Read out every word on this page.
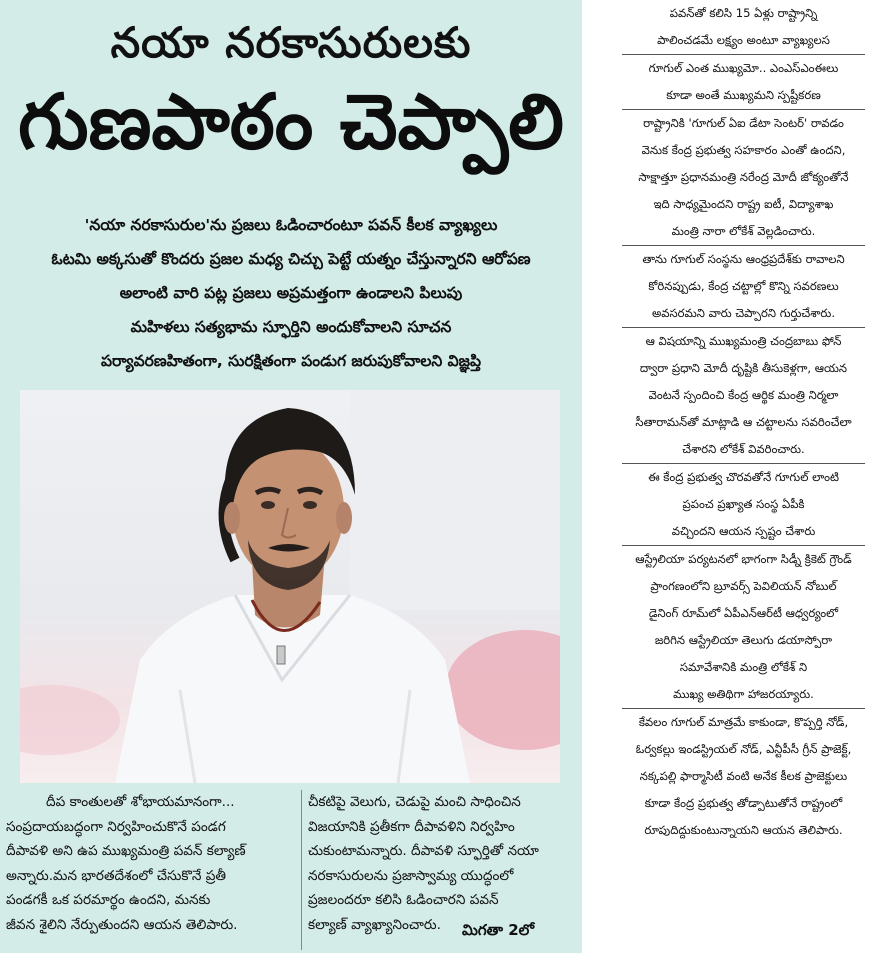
నయా నరకాసురులకు
గుణపాఠం చెప్పాలి
'నయా నరకాసురుల'ను ప్రజలు ఓడించారంటూ పవన్ కీలక వ్యాఖ్యలు
ఓటమి అక్కసుతో కొందరు ప్రజల మధ్య చిచ్చు పెట్టే యత్నం చేస్తున్నారని ఆరోపణ
అలాంటి వారి పట్ల ప్రజలు అప్రమత్తంగా ఉండాలని పిలుపు
మహిళలు సత్యభామ స్ఫూర్తిని అందుకోవాలని సూచన
పర్యావరణహితంగా, సురక్షితంగా పండుగ జరుపుకోవాలని విజ్ఞప్తి
దీప కాంతులతో శోభాయమానంగా...
సంప్రదాయబద్ధంగా నిర్వహించుకొనే పండగ
దీపావళి అని ఉప ముఖ్యమంత్రి పవన్ కల్యాణ్
అన్నారు.మన భారతదేశంలో చేసుకొనే ప్రతీ
పండగకీ ఒక పరమార్థం ఉందని, మనకు
జీవన శైలిని నేర్పుతుందని ఆయన తెలిపారు.
చీకటిపై వెలుగు, చెడుపై మంచి సాధించిన
విజయానికి ప్రతీకగా దీపావళిని నిర్వహిం
చుకుంటామన్నారు. దీపావళి స్ఫూర్తితో నయా
నరకాసురులను ప్రజాస్వామ్య యుద్ధంలో
ప్రజలందరూ కలిసి ఓడించారని పవన్
కల్యాణ్ వ్యాఖ్యానించారు.	మిగతా 2లో
పవన్‌తో కలిసి 15 ఏళ్లు రాష్ట్రాన్ని
పాలించడమే లక్ష్యం అంటూ వ్యాఖ్యలస
గూగుల్ ఎంత ముఖ్యమో.. ఎంఎస్ఎంఈలు
కూడా అంతే ముఖ్యమని స్పష్టీకరణ
రాష్ట్రానికి 'గూగుల్ ఏఐ డేటా సెంటర్' రావడం
వెనుక కేంద్ర ప్రభుత్వ సహకారం ఎంతో ఉందని,
సాక్షాత్తూ ప్రధానమంత్రి నరేంద్ర మోదీ జోక్యంతోనే
ఇది సాధ్యమైందని రాష్ట్ర ఐటీ, విద్యాశాఖ
మంత్రి నారా లోకేశ్ వెల్లడించారు.
తాను గూగుల్ సంస్థను ఆంధ్రప్రదేశ్‌కు రావాలని
కోరినప్పుడు, కేంద్ర చట్టాల్లో కొన్ని సవరణలు
అవసరమని వారు చెప్పారని గుర్తుచేశారు.
ఆ విషయాన్ని ముఖ్యమంత్రి చంద్రబాబు ఫోన్
ద్వారా ప్రధాని మోదీ దృష్టికి తీసుకెళ్లగా, ఆయన
వెంటనే స్పందించి కేంద్ర ఆర్థిక మంత్రి నిర్మలా
సీతారామన్‌తో మాట్లాడి ఆ చట్టాలను సవరించేలా
చేశారని లోకేశ్ వివరించారు.
ఈ కేంద్ర ప్రభుత్వ చొరవతోనే గూగుల్ లాంటి
ప్రపంచ ప్రఖ్యాత సంస్థ ఏపీకి
వచ్చిందని ఆయన స్పష్టం చేశారు
ఆస్ట్రేలియా పర్యటనలో భాగంగా సిడ్నీ క్రికెట్ గ్రౌండ్
ప్రాంగణంలోని బ్రూవర్స్ పెవిలియన్ నోబుల్
డైనింగ్ రూమ్‌లో ఏపీఎన్ఆర్‌టీ ఆధ్వర్యంలో
జరిగిన ఆస్ట్రేలియా తెలుగు డయాస్పోరా
సమావేశానికి మంత్రి లోకేశ్ ని
ముఖ్య అతిథిగా హాజరయ్యారు.
కేవలం గూగుల్ మాత్రమే కాకుండా, కొప్పర్తి నోడ్,
ఓర్వకల్లు ఇండస్ట్రియల్ నోడ్, ఎన్టీపీసీ గ్రీన్ ప్రాజెక్ట్,
నక్కపల్లి ఫార్మాసిటీ వంటి అనేక కీలక ప్రాజెక్టులు
కూడా కేంద్ర ప్రభుత్వ తోడ్పాటుతోనే రాష్ట్రంలో
రూపుదిద్దుకుంటున్నాయని ఆయన తెలిపారు.
